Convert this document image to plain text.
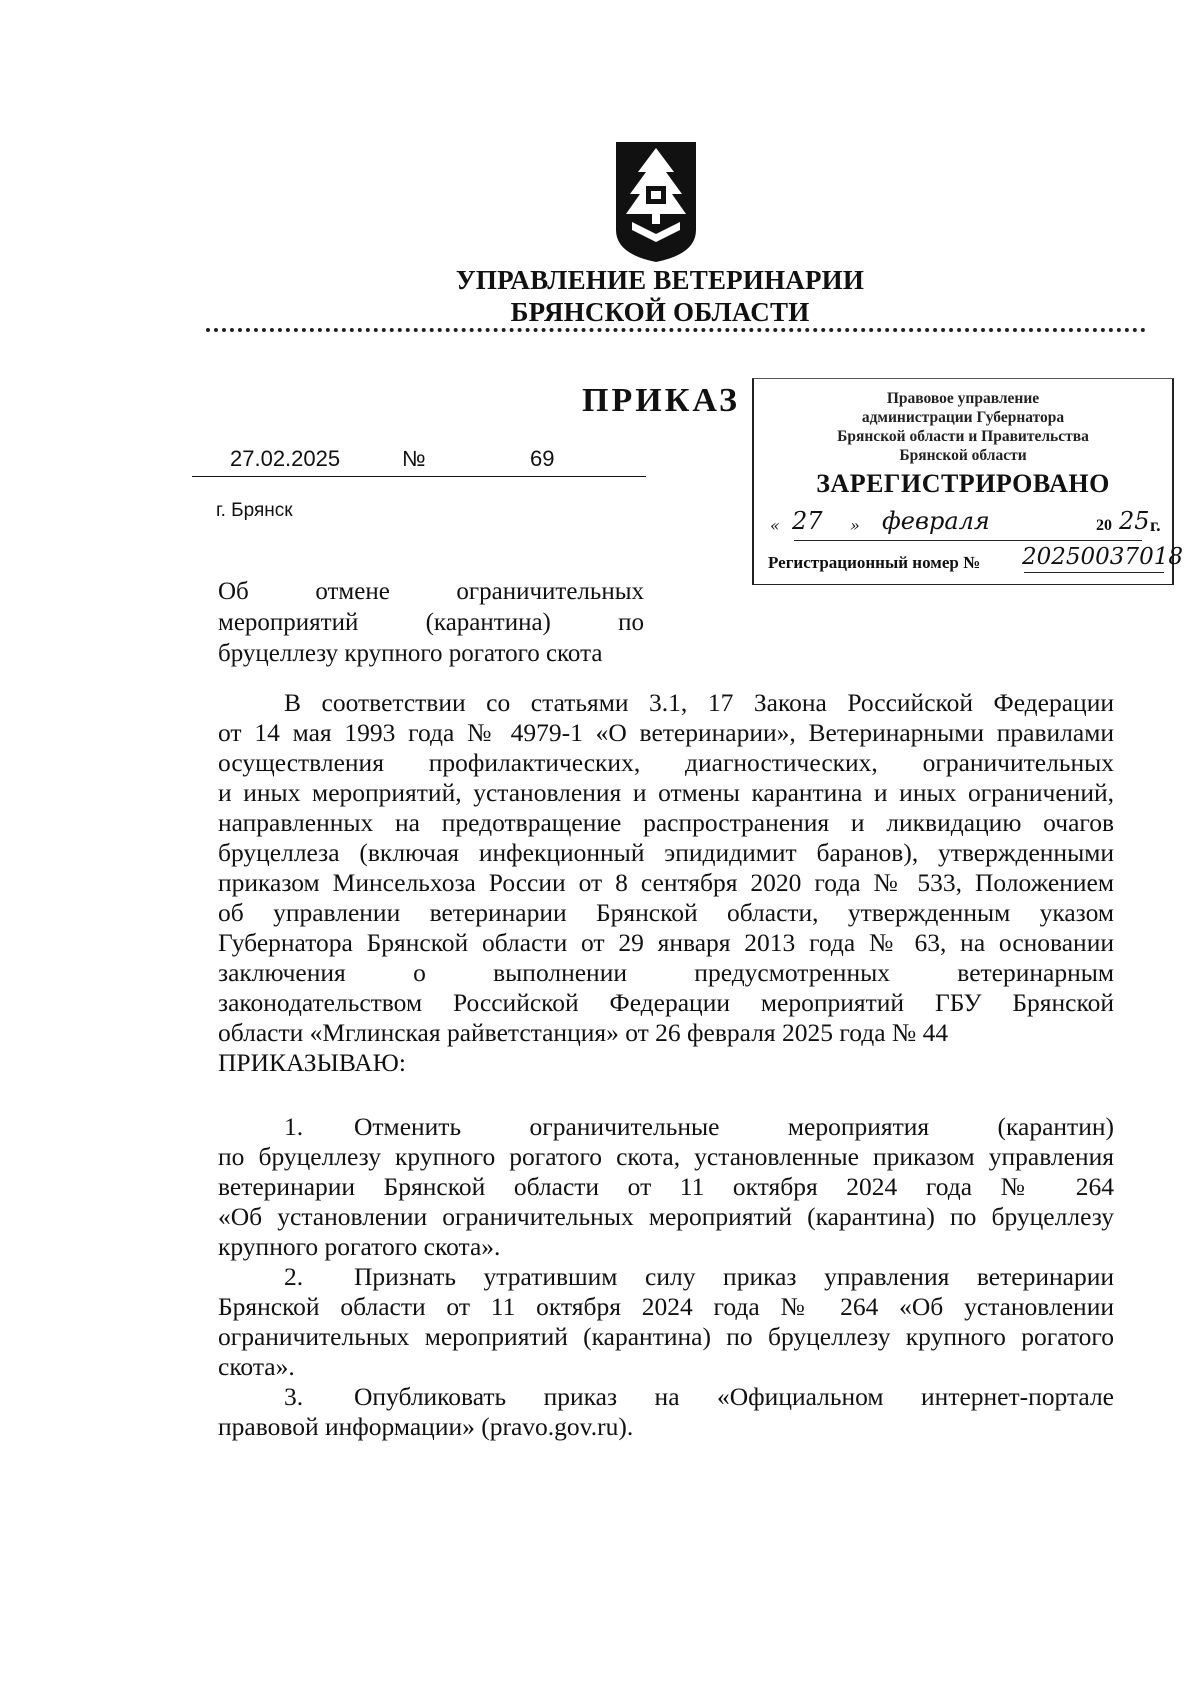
УПРАВЛЕНИЕ ВЕТЕРИНАРИИ
БРЯНСКОЙ ОБЛАСТИ
ПРИКАЗ
27.02.2025	№	69
г. Брянск
Правовое управление
администрации Губернатора
Брянской области и Правительства
Брянской области
ЗАРЕГИСТРИРОВАНО
« 27 » февраля	20 25 г.
Регистрационный номер № 20250037018
Об отмене ограничительных
мероприятий (карантина) по
бруцеллезу крупного рогатого скота
В соответствии со статьями 3.1, 17 Закона Российской Федерации
от 14 мая 1993 года № 4979-1 «О ветеринарии», Ветеринарными правилами
осуществления профилактических, диагностических, ограничительных
и иных мероприятий, установления и отмены карантина и иных ограничений,
направленных на предотвращение распространения и ликвидацию очагов
бруцеллеза (включая инфекционный эпидидимит баранов), утвержденными
приказом Минсельхоза России от 8 сентября 2020 года № 533, Положением
об управлении ветеринарии Брянской области, утвержденным указом
Губернатора Брянской области от 29 января 2013 года № 63, на основании
заключения о выполнении предусмотренных ветеринарным
законодательством Российской Федерации мероприятий ГБУ Брянской
области «Мглинская райветстанция» от 26 февраля 2025 года № 44
ПРИКАЗЫВАЮ:
1.	Отменить ограничительные мероприятия (карантин)
по бруцеллезу крупного рогатого скота, установленные приказом управления
ветеринарии Брянской области от 11 октября 2024 года № 264
«Об установлении ограничительных мероприятий (карантина) по бруцеллезу
крупного рогатого скота».
2.	Признать утратившим силу приказ управления ветеринарии
Брянской области от 11 октября 2024 года № 264 «Об установлении
ограничительных мероприятий (карантина) по бруцеллезу крупного рогатого
скота».
3.	Опубликовать приказ на «Официальном интернет-портале
правовой информации» (pravo.gov.ru).
